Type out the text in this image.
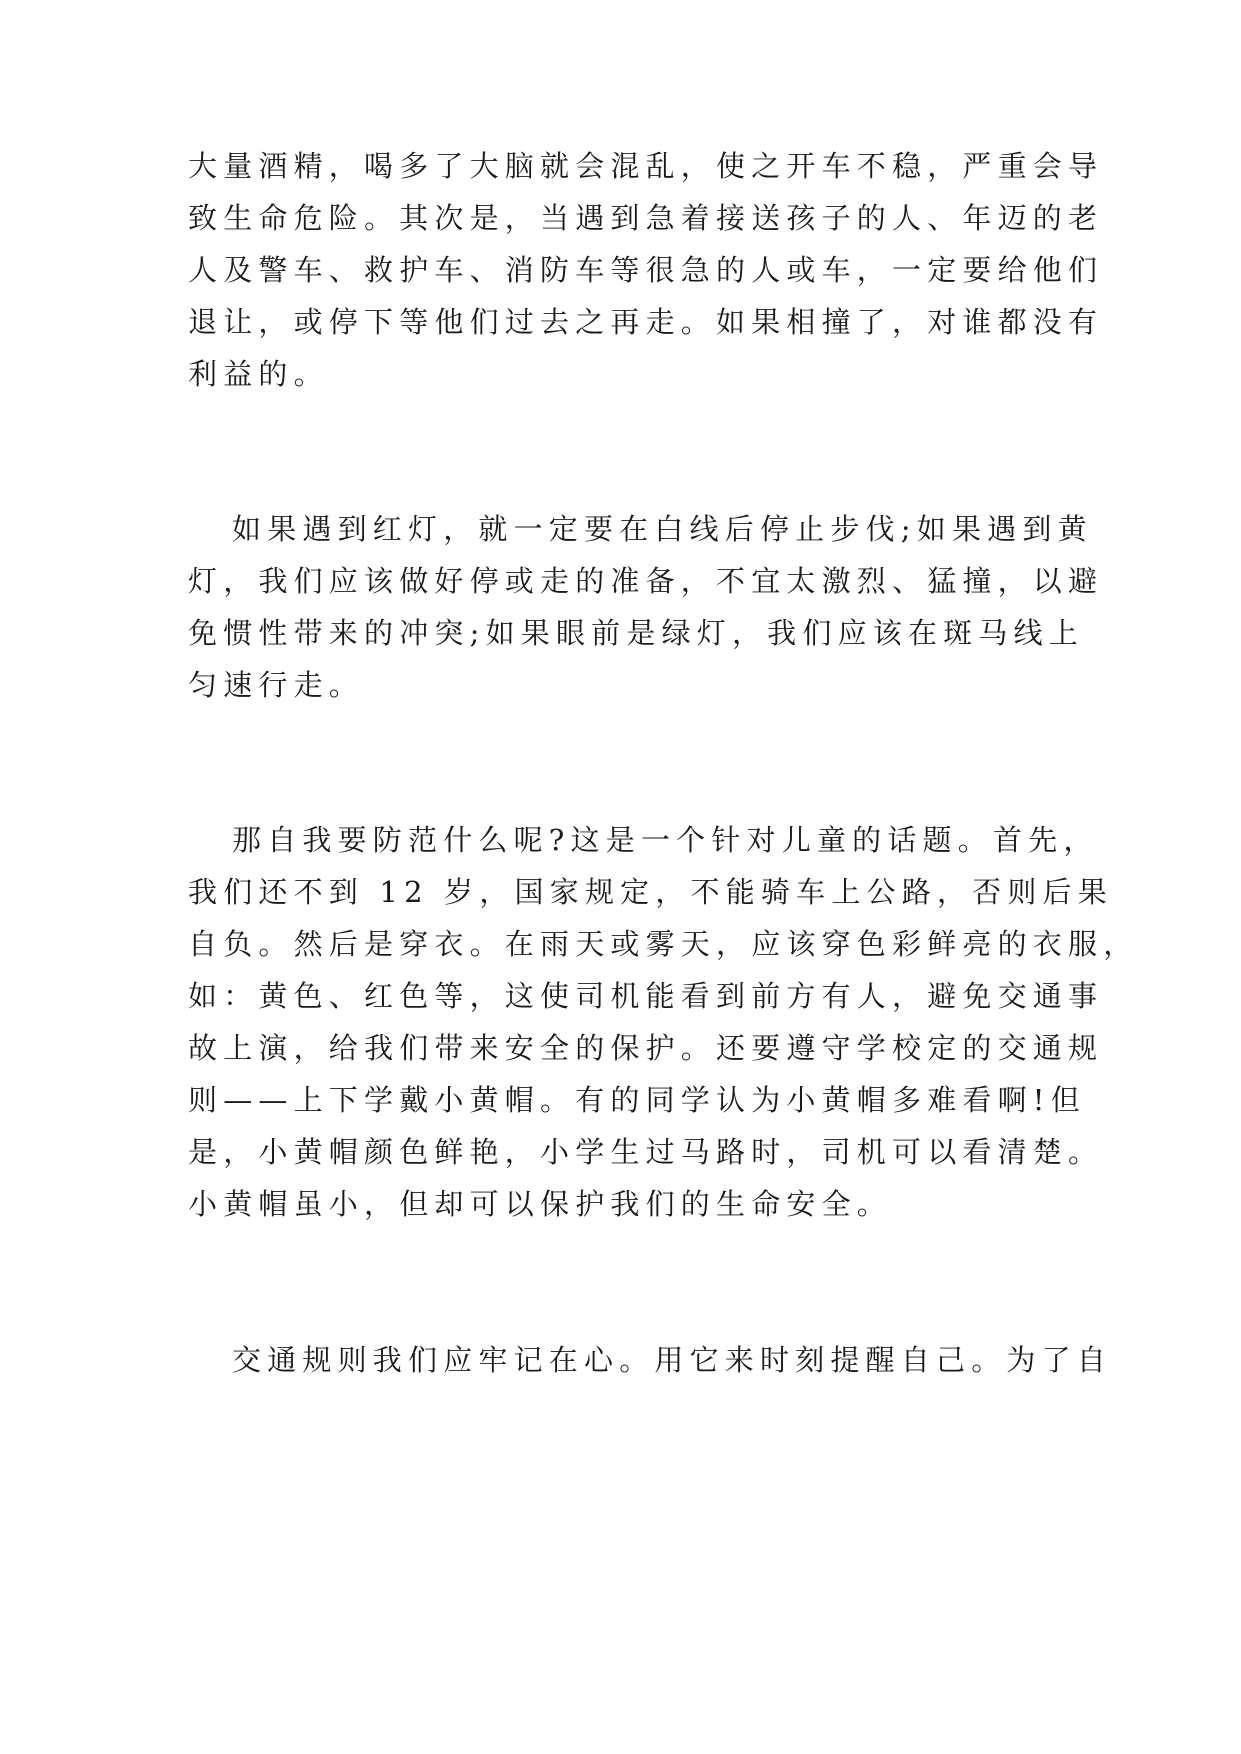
大量酒精，喝多了大脑就会混乱，使之开车不稳，严重会导

致生命危险。其次是，当遇到急着接送孩子的人、年迈的老

人及警车、救护车、消防车等很急的人或车，一定要给他们

退让，或停下等他们过去之再走。如果相撞了，对谁都没有

利益的。

如果遇到红灯，就一定要在白线后停止步伐;如果遇到黄

灯，我们应该做好停或走的准备，不宜太激烈、猛撞，以避

免惯性带来的冲突;如果眼前是绿灯，我们应该在斑马线上

匀速行走。

那自我要防范什么呢?这是一个针对儿童的话题。首先，

我们还不到 12 岁，国家规定，不能骑车上公路，否则后果

自负。然后是穿衣。在雨天或雾天，应该穿色彩鲜亮的衣服，

如：黄色、红色等，这使司机能看到前方有人，避免交通事

故上演，给我们带来安全的保护。还要遵守学校定的交通规

则——上下学戴小黄帽。有的同学认为小黄帽多难看啊!但

是，小黄帽颜色鲜艳，小学生过马路时，司机可以看清楚。

小黄帽虽小，但却可以保护我们的生命安全。

交通规则我们应牢记在心。用它来时刻提醒自己。为了自
